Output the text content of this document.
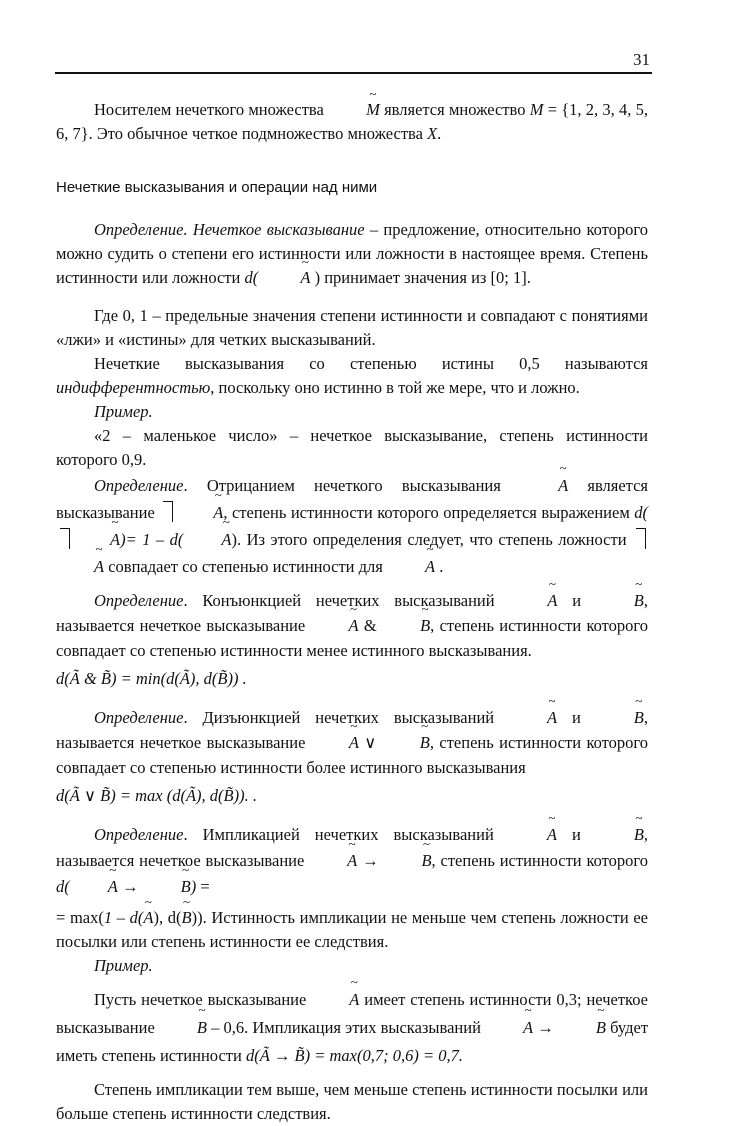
31

Носителем нечеткого множества	~ M является множество M = {1, 2, 3, 4, 5, 6, 7}. Это обычное четкое подмножество множества X.

Нечеткие высказывания и операции над ними

Определение. Нечеткое высказывание – предложение, относительно которого можно судить о степени его истинности или ложности в настоящее время. Степень истинности или ложности d(	~ A ) принимает значения из [0; 1].

Где 0, 1 – предельные значения степени истинности и совпадают с понятиями «лжи» и «истины» для четких высказываний.

Нечеткие высказывания со степенью истины 0,5 называются индифферентностью, поскольку оно истинно в той же мере, что и ложно.

Пример.

«2 – маленькое число» – нечеткое высказывание, степень истинности которого 0,9.

Определение. Отрицанием нечеткого высказывания	~ A является высказывание	~ A, степень истинности которого определяется выражением d(~ A)= 1 – d( ~ A). Из этого определения следует, что степень ложности ~ A совпадает со степенью истинности для	~ A .

Определение. Конъюнкцией нечетких высказываний	~ A и	~ B, называется нечеткое высказывание	~ A & ~ B, степень истинности которого совпадает со степенью истинности менее истинного высказывания.

d(Ã & B̃) = min(d(Ã), d(B̃)) .

Определение. Дизъюнкцией нечетких высказываний	~ A и	~ B, называется нечеткое высказывание	~ A ∨ ~ B, степень истинности которого совпадает со степенью истинности более истинного высказывания

d(Ã ∨ B̃) = max (d(Ã), d(B̃)). .

Определение. Импликацией нечетких высказываний	~ A и	~ B, называется нечеткое высказывание	~ A → ~ B, степень истинности которого d( ~ A → ~ B) =

= max(1 – d(~ A), d(~ B)). Истинность импликации не меньше чем степень ложности ее посылки или степень истинности ее следствия.

Пример.

Пусть нечеткое высказывание	~ A имеет степень истинности 0,3; нечеткое высказывание	~ B – 0,6. Импликация этих высказываний	~ A → ~ B будет иметь степень истинности d(Ã → B̃) = max(0,7; 0,6) = 0,7.

Степень импликации тем выше, чем меньше степень истинности посылки или больше степень истинности следствия.
